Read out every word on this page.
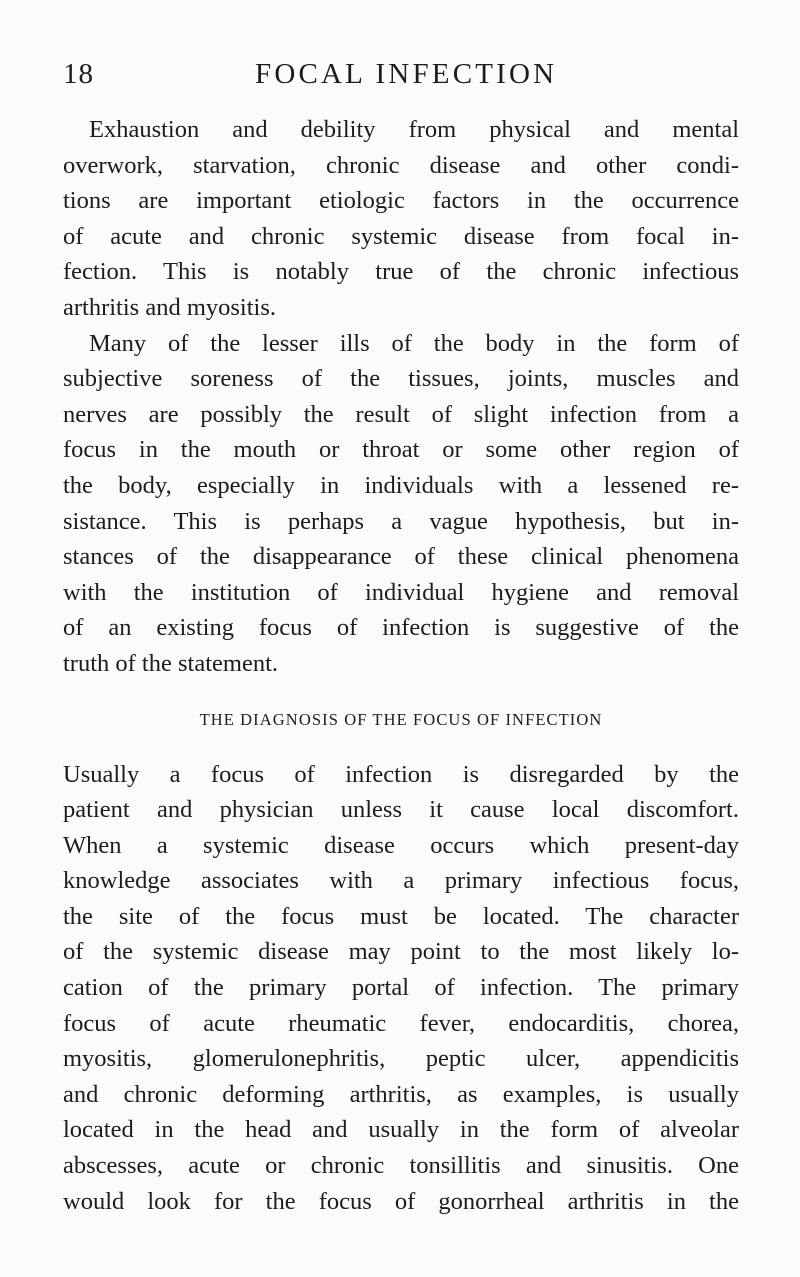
18	FOCAL INFECTION

Exhaustion and debility from physical and mental
overwork, starvation, chronic disease and other condi-
tions are important etiologic factors in the occurrence
of acute and chronic systemic disease from focal in-
fection. This is notably true of the chronic infectious
arthritis and myositis.

Many of the lesser ills of the body in the form of
subjective soreness of the tissues, joints, muscles and
nerves are possibly the result of slight infection from a
focus in the mouth or throat or some other region of
the body, especially in individuals with a lessened re-
sistance. This is perhaps a vague hypothesis, but in-
stances of the disappearance of these clinical phenomena
with the institution of individual hygiene and removal
of an existing focus of infection is suggestive of the
truth of the statement.

THE DIAGNOSIS OF THE FOCUS OF INFECTION

Usually a focus of infection is disregarded by the
patient and physician unless it cause local discomfort.
When a systemic disease occurs which present-day
knowledge associates with a primary infectious focus,
the site of the focus must be located. The character
of the systemic disease may point to the most likely lo-
cation of the primary portal of infection. The primary
focus of acute rheumatic fever, endocarditis, chorea,
myositis, glomerulonephritis, peptic ulcer, appendicitis
and chronic deforming arthritis, as examples, is usually
located in the head and usually in the form of alveolar
abscesses, acute or chronic tonsillitis and sinusitis. One
would look for the focus of gonorrheal arthritis in the
